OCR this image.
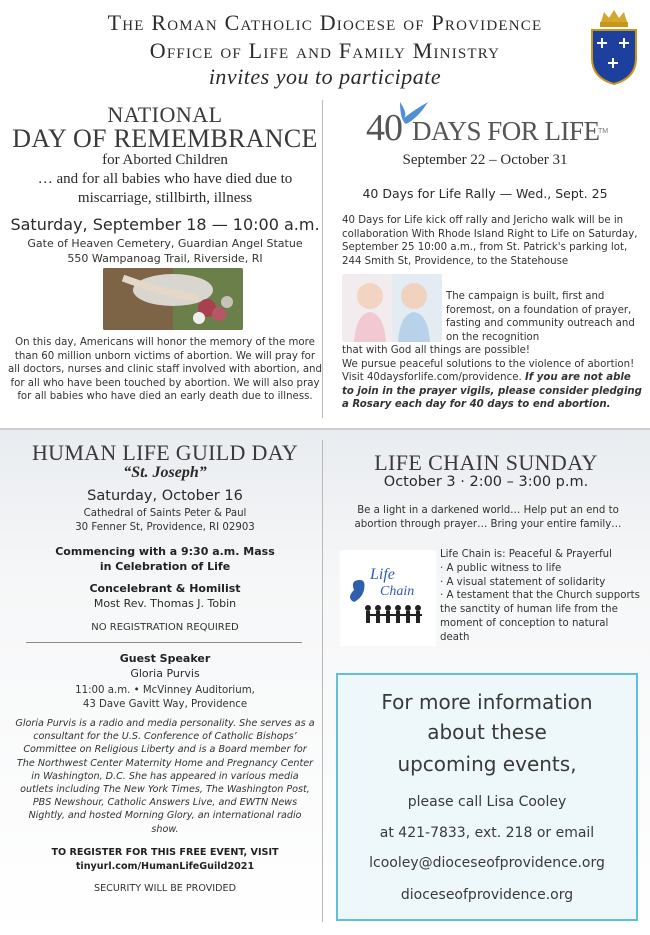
The Roman Catholic Diocese of Providence
Office of Life and Family Ministry
invites you to participate
NATIONAL
DAY OF REMEMBRANCE
for Aborted Children
… and for all babies who have died due to
miscarriage, stillbirth, illness
Saturday, September 18 — 10:00 a.m.
Gate of Heaven Cemetery, Guardian Angel Statue
550 Wampanoag Trail, Riverside, RI
On this day, Americans will honor the memory of the more than 60 million unborn victims of abortion. We will pray for all doctors, nurses and clinic staff involved with abortion, and for all who have been touched by abortion. We will also pray for all babies who have died an early death due to illness.
40 DAYS FOR LIFE
TM
September 22 – October 31
40 Days for Life Rally — Wed., Sept. 25
40 Days for Life kick off rally and Jericho walk will be in collaboration With Rhode Island Right to Life on Saturday, September 25 10:00 a.m., from St. Patrick's parking lot, 244 Smith St, Providence, to the Statehouse
The campaign is built, first and foremost, on a foundation of prayer, fasting and community outreach and on the recognition
that with God all things are possible!
We pursue peaceful solutions to the violence of abortion! Visit 40daysforlife.com/providence. If you are not able to join in the prayer vigils, please consider pledging a Rosary each day for 40 days to end abortion.
HUMAN LIFE GUILD DAY
“St. Joseph”
Saturday, October 16
Cathedral of Saints Peter & Paul
30 Fenner St, Providence, RI 02903
Commencing with a 9:30 a.m. Mass
in Celebration of Life
Concelebrant & Homilist
Most Rev. Thomas J. Tobin
NO REGISTRATION REQUIRED
Guest Speaker
Gloria Purvis
11:00 a.m. • McVinney Auditorium,
43 Dave Gavitt Way, Providence
Gloria Purvis is a radio and media personality. She serves as a consultant for the U.S. Conference of Catholic Bishops’ Committee on Religious Liberty and is a Board member for The Northwest Center Maternity Home and Pregnancy Center in Washington, D.C. She has appeared in various media outlets including The New York Times, The Washington Post, PBS Newshour, Catholic Answers Live, and EWTN News Nightly, and hosted Morning Glory, an international radio show.
TO REGISTER FOR THIS FREE EVENT, VISIT
tinyurl.com/HumanLifeGuild2021
SECURITY WILL BE PROVIDED
LIFE CHAIN SUNDAY
October 3 · 2:00 – 3:00 p.m.
Be a light in a darkened world… Help put an end to abortion through prayer… Bring your entire family…
Life
Chain
Life Chain is: Peaceful & Prayerful
· A public witness to life
· A visual statement of solidarity
· A testament that the Church supports the sanctity of human life from the moment of conception to natural death
For more information
about these
upcoming events,
please call Lisa Cooley
at 421-7833, ext. 218 or email
lcooley@dioceseofprovidence.org
dioceseofprovidence.org
